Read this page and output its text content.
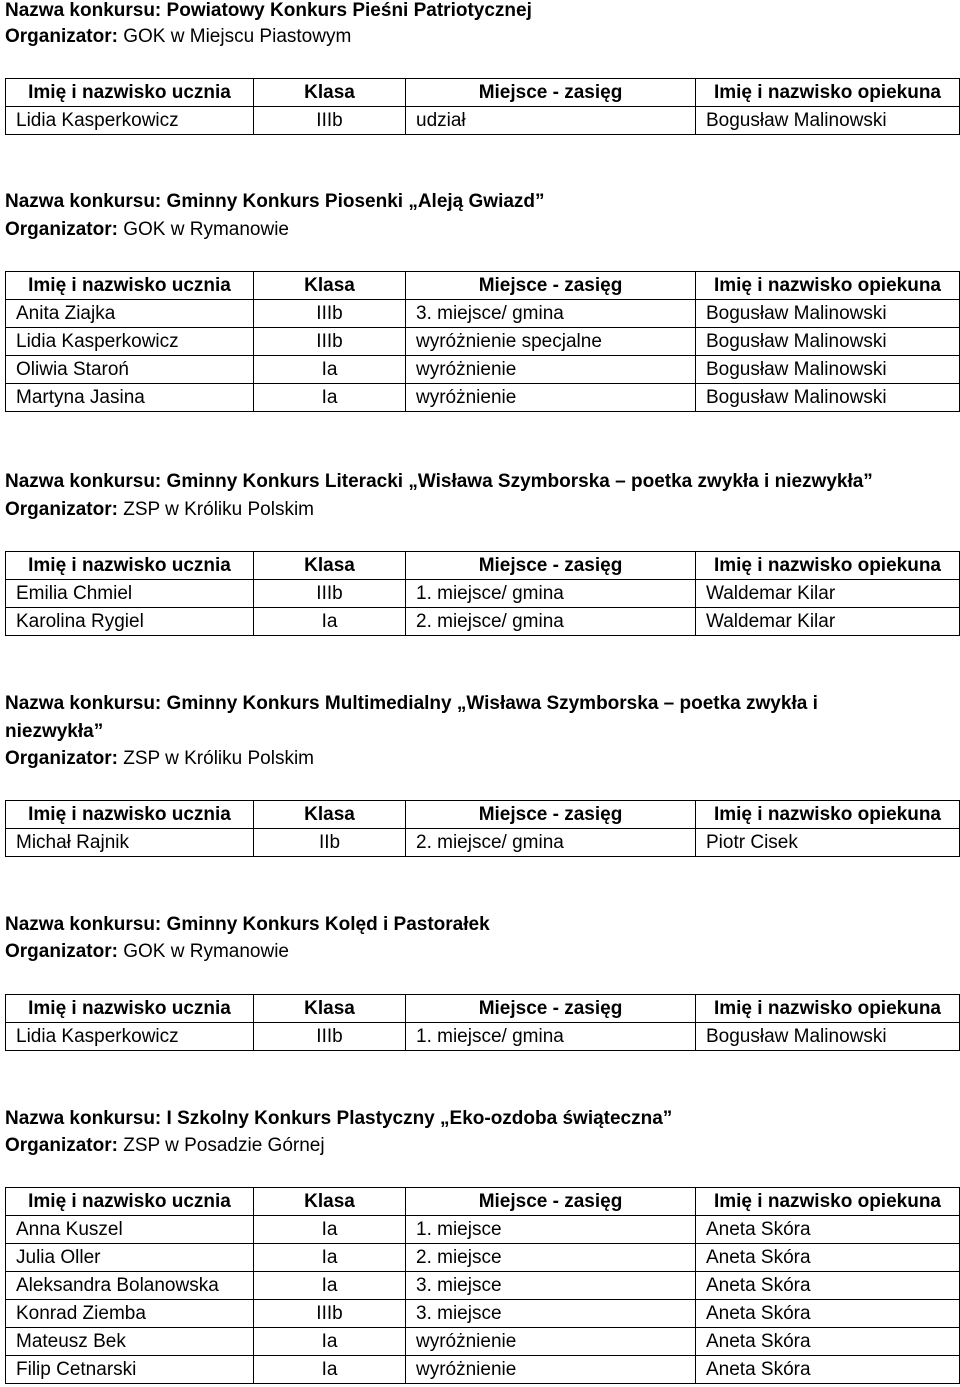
Nazwa konkursu: Powiatowy Konkurs Pieśni Patriotycznej
Organizator: GOK w Miejscu Piastowym
Imię i nazwisko ucznia	Klasa	Miejsce - zasięg	Imię i nazwisko opiekuna
Lidia Kasperkowicz	IIIb	udział	Bogusław Malinowski
Nazwa konkursu: Gminny Konkurs Piosenki „Aleją Gwiazd”
Organizator: GOK w Rymanowie
Imię i nazwisko ucznia	Klasa	Miejsce - zasięg	Imię i nazwisko opiekuna
Anita Ziajka	IIIb	3. miejsce/ gmina	Bogusław Malinowski
Lidia Kasperkowicz	IIIb	wyróżnienie specjalne	Bogusław Malinowski
Oliwia Staroń	Ia	wyróżnienie	Bogusław Malinowski
Martyna Jasina	Ia	wyróżnienie	Bogusław Malinowski
Nazwa konkursu: Gminny Konkurs Literacki „Wisława Szymborska – poetka zwykła i niezwykła”
Organizator: ZSP w Króliku Polskim
Imię i nazwisko ucznia	Klasa	Miejsce - zasięg	Imię i nazwisko opiekuna
Emilia Chmiel	IIIb	1. miejsce/ gmina	Waldemar Kilar
Karolina Rygiel	Ia	2. miejsce/ gmina	Waldemar Kilar
Nazwa konkursu: Gminny Konkurs Multimedialny „Wisława Szymborska – poetka zwykła i
niezwykła”
Organizator: ZSP w Króliku Polskim
Imię i nazwisko ucznia	Klasa	Miejsce - zasięg	Imię i nazwisko opiekuna
Michał Rajnik	IIb	2. miejsce/ gmina	Piotr Cisek
Nazwa konkursu: Gminny Konkurs Kolęd i Pastorałek
Organizator: GOK w Rymanowie
Imię i nazwisko ucznia	Klasa	Miejsce - zasięg	Imię i nazwisko opiekuna
Lidia Kasperkowicz	IIIb	1. miejsce/ gmina	Bogusław Malinowski
Nazwa konkursu: I Szkolny Konkurs Plastyczny „Eko-ozdoba świąteczna”
Organizator: ZSP w Posadzie Górnej
Imię i nazwisko ucznia	Klasa	Miejsce - zasięg	Imię i nazwisko opiekuna
Anna Kuszel	Ia	1. miejsce	Aneta Skóra
Julia Oller	Ia	2. miejsce	Aneta Skóra
Aleksandra Bolanowska	Ia	3. miejsce	Aneta Skóra
Konrad Ziemba	IIIb	3. miejsce	Aneta Skóra
Mateusz Bek	Ia	wyróżnienie	Aneta Skóra
Filip Cetnarski	Ia	wyróżnienie	Aneta Skóra
